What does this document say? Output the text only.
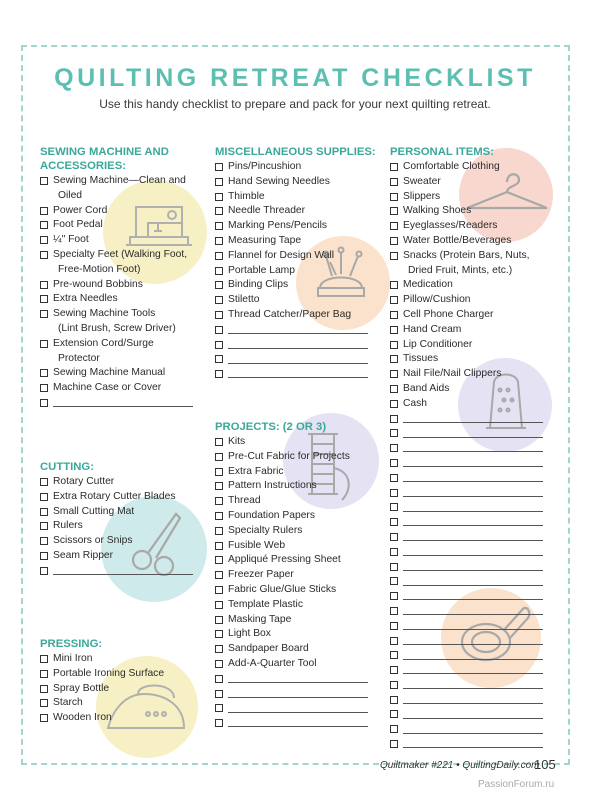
QUILTING RETREAT CHECKLIST
Use this handy checklist to prepare and pack for your next quilting retreat.
SEWING MACHINE AND
ACCESSORIES:
Sewing Machine—Clean and
Oiled
Power Cord
Foot Pedal
¼" Foot
Specialty Feet (Walking Foot,
Free-Motion Foot)
Pre-wound Bobbins
Extra Needles
Sewing Machine Tools
(Lint Brush, Screw Driver)
Extension Cord/Surge
Protector
Sewing Machine Manual
Machine Case or Cover
CUTTING:
Rotary Cutter
Extra Rotary Cutter Blades
Small Cutting Mat
Rulers
Scissors or Snips
Seam Ripper
PRESSING:
Mini Iron
Portable Ironing Surface
Spray Bottle
Starch
Wooden Iron
MISCELLANEOUS SUPPLIES:
Pins/Pincushion
Hand Sewing Needles
Thimble
Needle Threader
Marking Pens/Pencils
Measuring Tape
Flannel for Design Wall
Portable Lamp
Binding Clips
Stiletto
Thread Catcher/Paper Bag
PROJECTS: (2 OR 3)
Kits
Pre-Cut Fabric for Projects
Extra Fabric
Pattern Instructions
Thread
Foundation Papers
Specialty Rulers
Fusible Web
Appliqué Pressing Sheet
Freezer Paper
Fabric Glue/Glue Sticks
Template Plastic
Masking Tape
Light Box
Sandpaper Board
Add-A-Quarter Tool
PERSONAL ITEMS:
Comfortable Clothing
Sweater
Slippers
Walking Shoes
Eyeglasses/Readers
Water Bottle/Beverages
Snacks (Protein Bars, Nuts,
Dried Fruit, Mints, etc.)
Medication
Pillow/Cushion
Cell Phone Charger
Hand Cream
Lip Conditioner
Tissues
Nail File/Nail Clippers
Band Aids
Cash
Quiltmaker #221 • QuiltingDaily.com
105
PassionForum.ru
